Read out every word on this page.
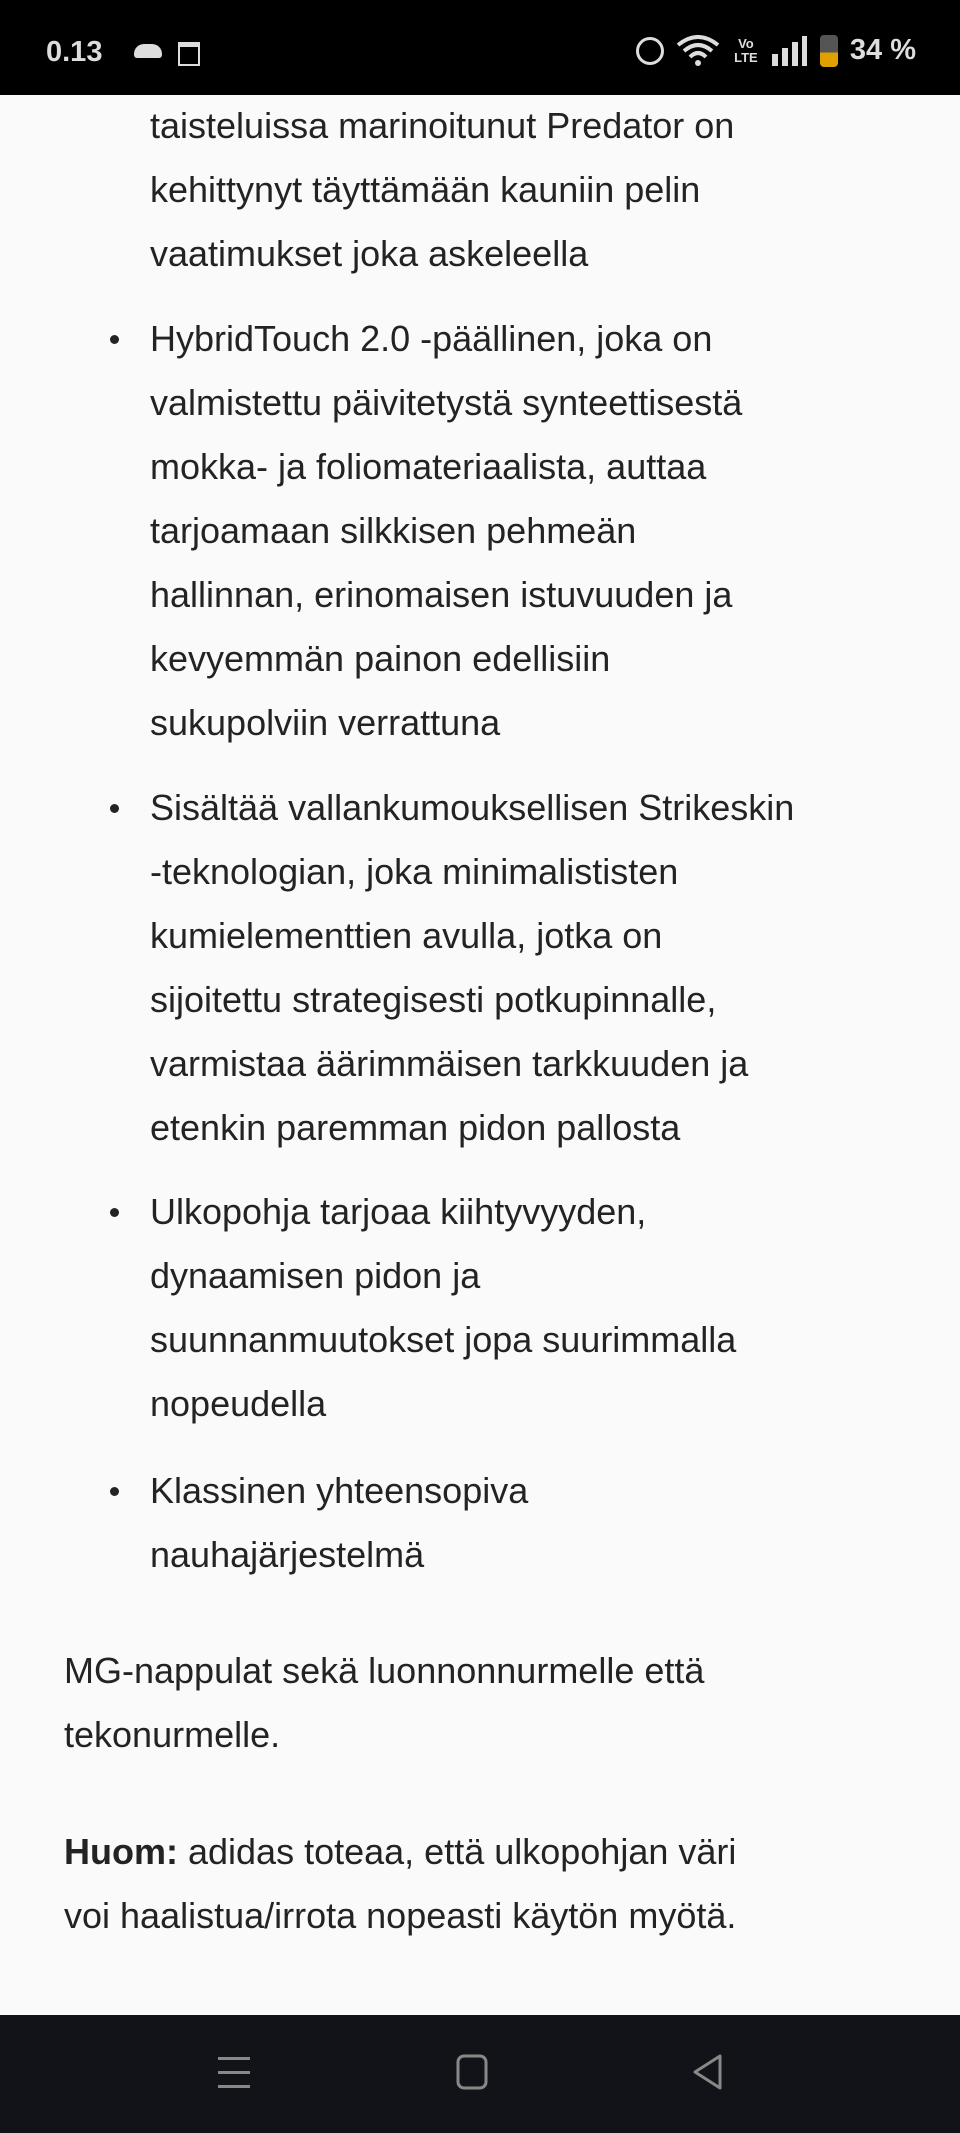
0.13	Vo LTE	34 %
taisteluissa marinoitunut Predator on
kehittynyt täyttämään kauniin pelin
vaatimukset joka askeleella
HybridTouch 2.0 -päällinen, joka on
valmistettu päivitetystä synteettisestä
mokka- ja foliomateriaalista, auttaa
tarjoamaan silkkisen pehmeän
hallinnan, erinomaisen istuvuuden ja
kevyemmän painon edellisiin
sukupolviin verrattuna
Sisältää vallankumouksellisen Strikeskin
-teknologian, joka minimalististen
kumielementtien avulla, jotka on
sijoitettu strategisesti potkupinnalle,
varmistaa äärimmäisen tarkkuuden ja
etenkin paremman pidon pallosta
Ulkopohja tarjoaa kiihtyvyyden,
dynaamisen pidon ja
suunnanmuutokset jopa suurimmalla
nopeudella
Klassinen yhteensopiva
nauhajärjestelmä
MG-nappulat sekä luonnonnurmelle että
tekonurmelle.
Huom: adidas toteaa, että ulkopohjan väri
voi haalistua/irrota nopeasti käytön myötä.
